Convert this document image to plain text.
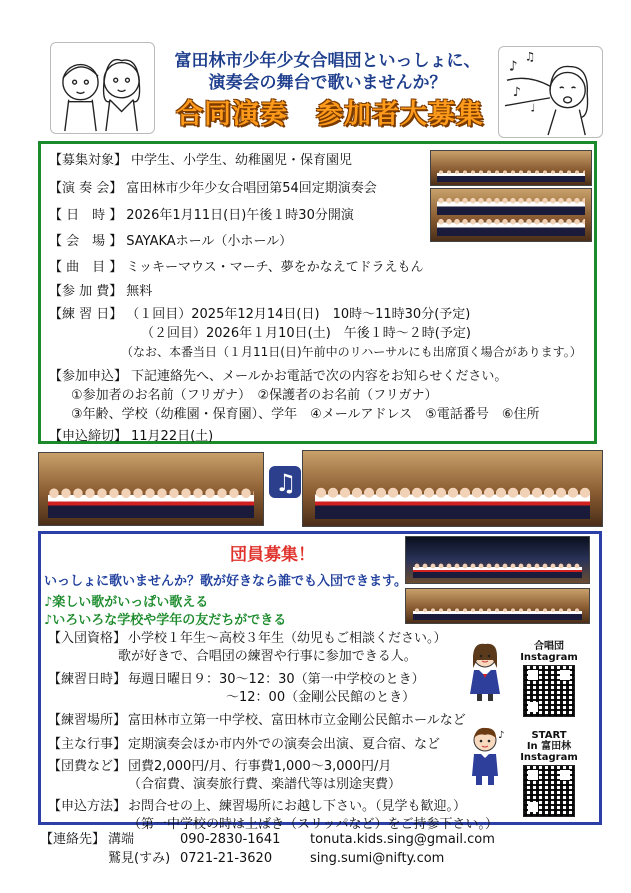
富田林市少年少女合唱団といっしょに、
演奏会の舞台で歌いませんか？
合同演奏　参加者大募集
♪
♫
♪
♩
【募集対象】 中学生、小学生、幼稚園児・保育園児
【演 奏 会】 富田林市少年少女合唱団第54回定期演奏会
【 日　時 】 2026年1月11日(日)午後１時30分開演
【 会　場 】 SAYAKAホール（小ホール）
【 曲　目 】 ミッキーマウス・マーチ、夢をかなえてドラえもん
【参 加 費】 無料
【練 習 日】 （１回目）2025年12月14日(日)　10時～11時30分(予定)
（２回目）2026年１月10日(土)　午後１時～２時(予定)
（なお、本番当日（１月11日(日)午前中のリハーサルにも出席頂く場合があります。）
【参加申込】 下記連絡先へ、メールかお電話で次の内容をお知らせください。
①参加者のお名前（フリガナ）　②保護者のお名前（フリガナ）
③年齢、学校（幼稚園・保育園）、学年　④メールアドレス　⑤電話番号　⑥住所
【申込締切】 11月22日(土)
♫
団員募集！
いっしょに歌いませんか？歌が好きなら誰でも入団できます。
♪楽しい歌がいっぱい歌える
♪いろいろな学校や学年の友だちができる
【入団資格】 小学校１年生～高校３年生（幼児もご相談ください。）
歌が好きで、合唱団の練習や行事に参加できる人。
【練習日時】 毎週日曜日９：30～12：30（第一中学校のとき）
～12：00（金剛公民館のとき）
【練習場所】 富田林市立第一中学校、富田林市立金剛公民館ホールなど
【主な行事】 定期演奏会ほか市内外での演奏会出演、夏合宿、など
【団費など】 団費2,000円/月、行事費1,000～3,000円/月
（合宿費、演奏旅行費、楽譜代等は別途実費）
【申込方法】 お問合せの上、練習場所にお越し下さい。（見学も歓迎。）
（第一中学校の時は上ばき（スリッパなど）をご持参下さい。）
♪
合唱団
Instagram
START
In 富田林
Instagram
【連絡先】 溝端	090-2830-1641 tonuta.kids.sing@gmail.com
鷲見(すみ) 0721-21-3620	sing.sumi@nifty.com
